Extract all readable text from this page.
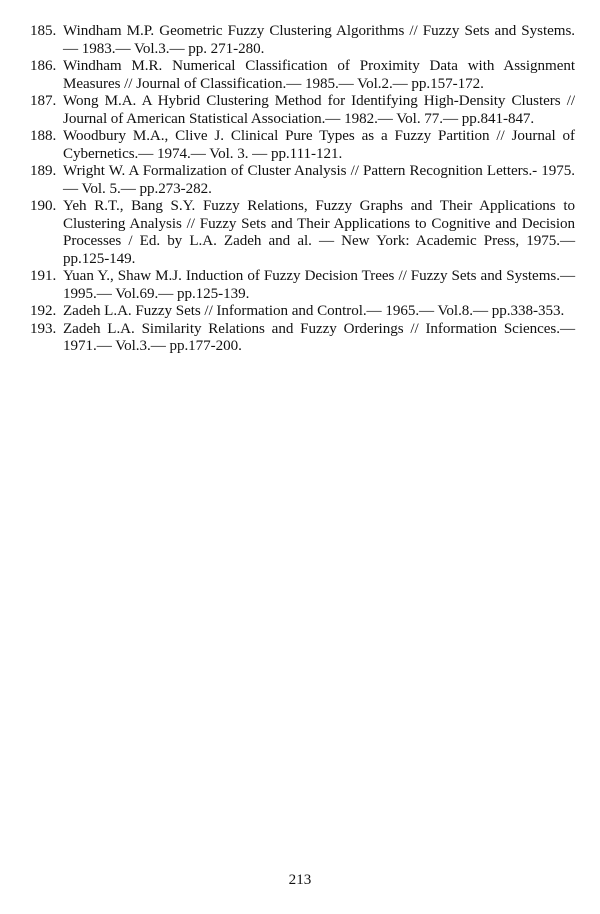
185. Windham M.P. Geometric Fuzzy Clustering Algorithms // Fuzzy Sets and Systems.— 1983.— Vol.3.— pp. 271-280.
186. Windham M.R. Numerical Classification of Proximity Data with Assignment Measures // Journal of Classification.— 1985.— Vol.2.— pp.157-172.
187. Wong M.A. A Hybrid Clustering Method for Identifying High-Density Clusters // Journal of American Statistical Association.— 1982.— Vol. 77.— pp.841-847.
188. Woodbury M.A., Clive J. Clinical Pure Types as a Fuzzy Partition // Journal of Cybernetics.— 1974.— Vol. 3. — pp.111-121.
189. Wright W. A Formalization of Cluster Analysis // Pattern Recognition Letters.- 1975.— Vol. 5.— pp.273-282.
190. Yeh R.T., Bang S.Y. Fuzzy Relations, Fuzzy Graphs and Their Applications to Clustering Analysis // Fuzzy Sets and Their Applications to Cognitive and Decision Processes / Ed. by L.A. Zadeh and al. — New York: Academic Press, 1975.— pp.125-149.
191. Yuan Y., Shaw M.J. Induction of Fuzzy Decision Trees // Fuzzy Sets and Systems.— 1995.— Vol.69.— pp.125-139.
192. Zadeh L.A. Fuzzy Sets // Information and Control.— 1965.— Vol.8.— pp.338-353.
193. Zadeh L.A. Similarity Relations and Fuzzy Orderings // Information Sciences.— 1971.— Vol.3.— pp.177-200.
213
